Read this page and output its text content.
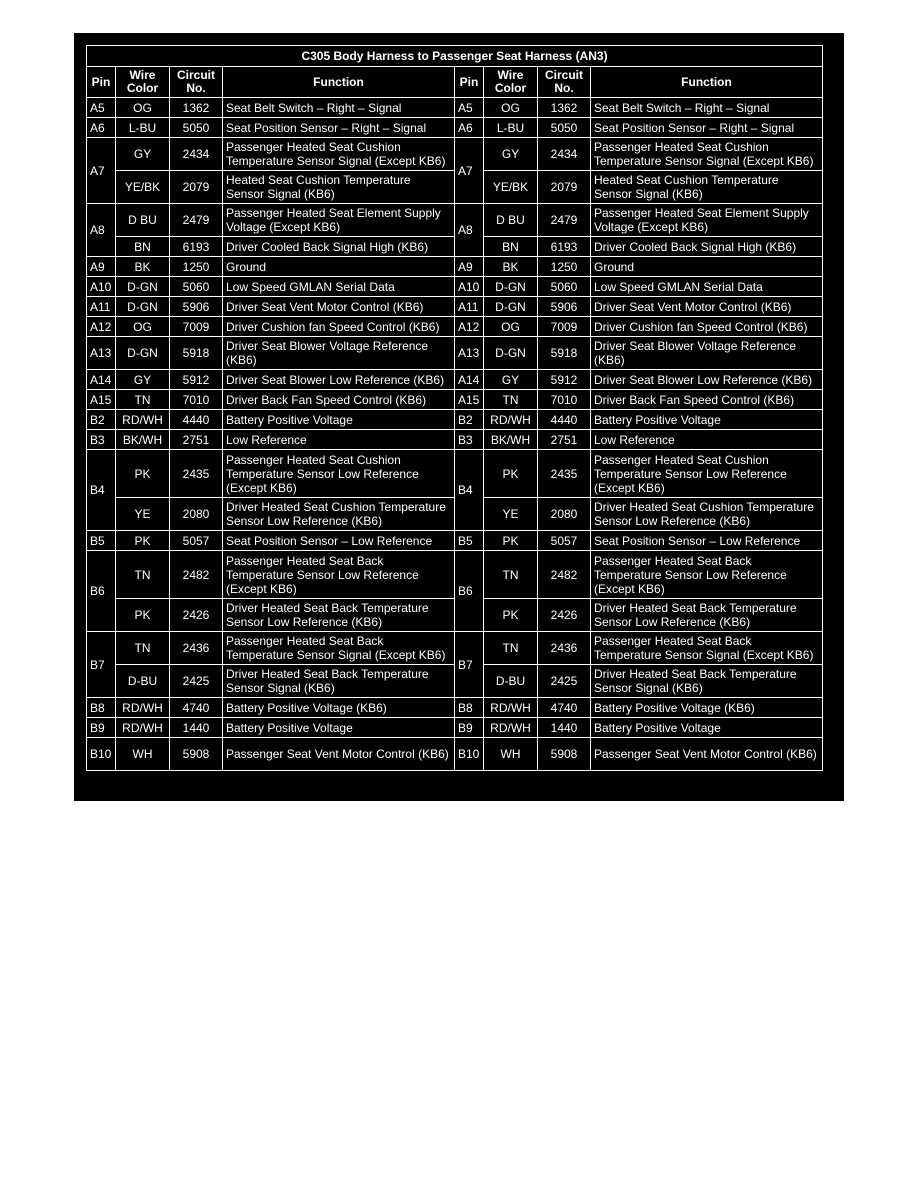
C305 Body Harness to Passenger Seat Harness (AN3)							
Pin	Wire Color	Circuit No.	Function	Pin	Wire Color	Circuit No.	Function
A5	OG	1362	Seat Belt Switch – Right – Signal	A5	OG	1362	Seat Belt Switch – Right – Signal
A6	L-BU	5050	Seat Position Sensor – Right – Signal	A6	L-BU	5050	Seat Position Sensor – Right – Signal
A7	GY	2434	Passenger Heated Seat Cushion Temperature Sensor Signal (Except KB6)	A7	GY	2434	Passenger Heated Seat Cushion Temperature Sensor Signal (Except KB6)
	YE/BK	2079	Heated Seat Cushion Temperature Sensor Signal (KB6)		YE/BK	2079	Heated Seat Cushion Temperature Sensor Signal (KB6)
A8	D BU	2479	Passenger Heated Seat Element Supply Voltage (Except KB6)	A8	D BU	2479	Passenger Heated Seat Element Supply Voltage (Except KB6)
	BN	6193	Driver Cooled Back Signal High (KB6)		BN	6193	Driver Cooled Back Signal High (KB6)
A9	BK	1250	Ground	A9	BK	1250	Ground
A10	D-GN	5060	Low Speed GMLAN Serial Data	A10	D-GN	5060	Low Speed GMLAN Serial Data
A11	D-GN	5906	Driver Seat Vent Motor Control (KB6)	A11	D-GN	5906	Driver Seat Vent Motor Control (KB6)
A12	OG	7009	Driver Cushion fan Speed Control (KB6)	A12	OG	7009	Driver Cushion fan Speed Control (KB6)
A13	D-GN	5918	Driver Seat Blower Voltage Reference (KB6)	A13	D-GN	5918	Driver Seat Blower Voltage Reference (KB6)
A14	GY	5912	Driver Seat Blower Low Reference (KB6)	A14	GY	5912	Driver Seat Blower Low Reference (KB6)
A15	TN	7010	Driver Back Fan Speed Control (KB6)	A15	TN	7010	Driver Back Fan Speed Control (KB6)
B2	RD/WH	4440	Battery Positive Voltage	B2	RD/WH	4440	Battery Positive Voltage
B3	BK/WH	2751	Low Reference	B3	BK/WH	2751	Low Reference
B4	PK	2435	Passenger Heated Seat Cushion Temperature Sensor Low Reference (Except KB6)	B4	PK	2435	Passenger Heated Seat Cushion Temperature Sensor Low Reference (Except KB6)
	YE	2080	Driver Heated Seat Cushion Temperature Sensor Low Reference (KB6)		YE	2080	Driver Heated Seat Cushion Temperature Sensor Low Reference (KB6)
B5	PK	5057	Seat Position Sensor – Low Reference	B5	PK	5057	Seat Position Sensor – Low Reference
B6	TN	2482	Passenger Heated Seat Back Temperature Sensor Low Reference (Except KB6)	B6	TN	2482	Passenger Heated Seat Back Temperature Sensor Low Reference (Except KB6)
	PK	2426	Driver Heated Seat Back Temperature Sensor Low Reference (KB6)		PK	2426	Driver Heated Seat Back Temperature Sensor Low Reference (KB6)
B7	TN	2436	Passenger Heated Seat Back Temperature Sensor Signal (Except KB6)	B7	TN	2436	Passenger Heated Seat Back Temperature Sensor Signal (Except KB6)
	D-BU	2425	Driver Heated Seat Back Temperature Sensor Signal (KB6)		D-BU	2425	Driver Heated Seat Back Temperature Sensor Signal (KB6)
B8	RD/WH	4740	Battery Positive Voltage (KB6)	B8	RD/WH	4740	Battery Positive Voltage (KB6)
B9	RD/WH	1440	Battery Positive Voltage	B9	RD/WH	1440	Battery Positive Voltage
B10	WH	5908	Passenger Seat Vent Motor Control (KB6)	B10	WH	5908	Passenger Seat Vent Motor Control (KB6)
